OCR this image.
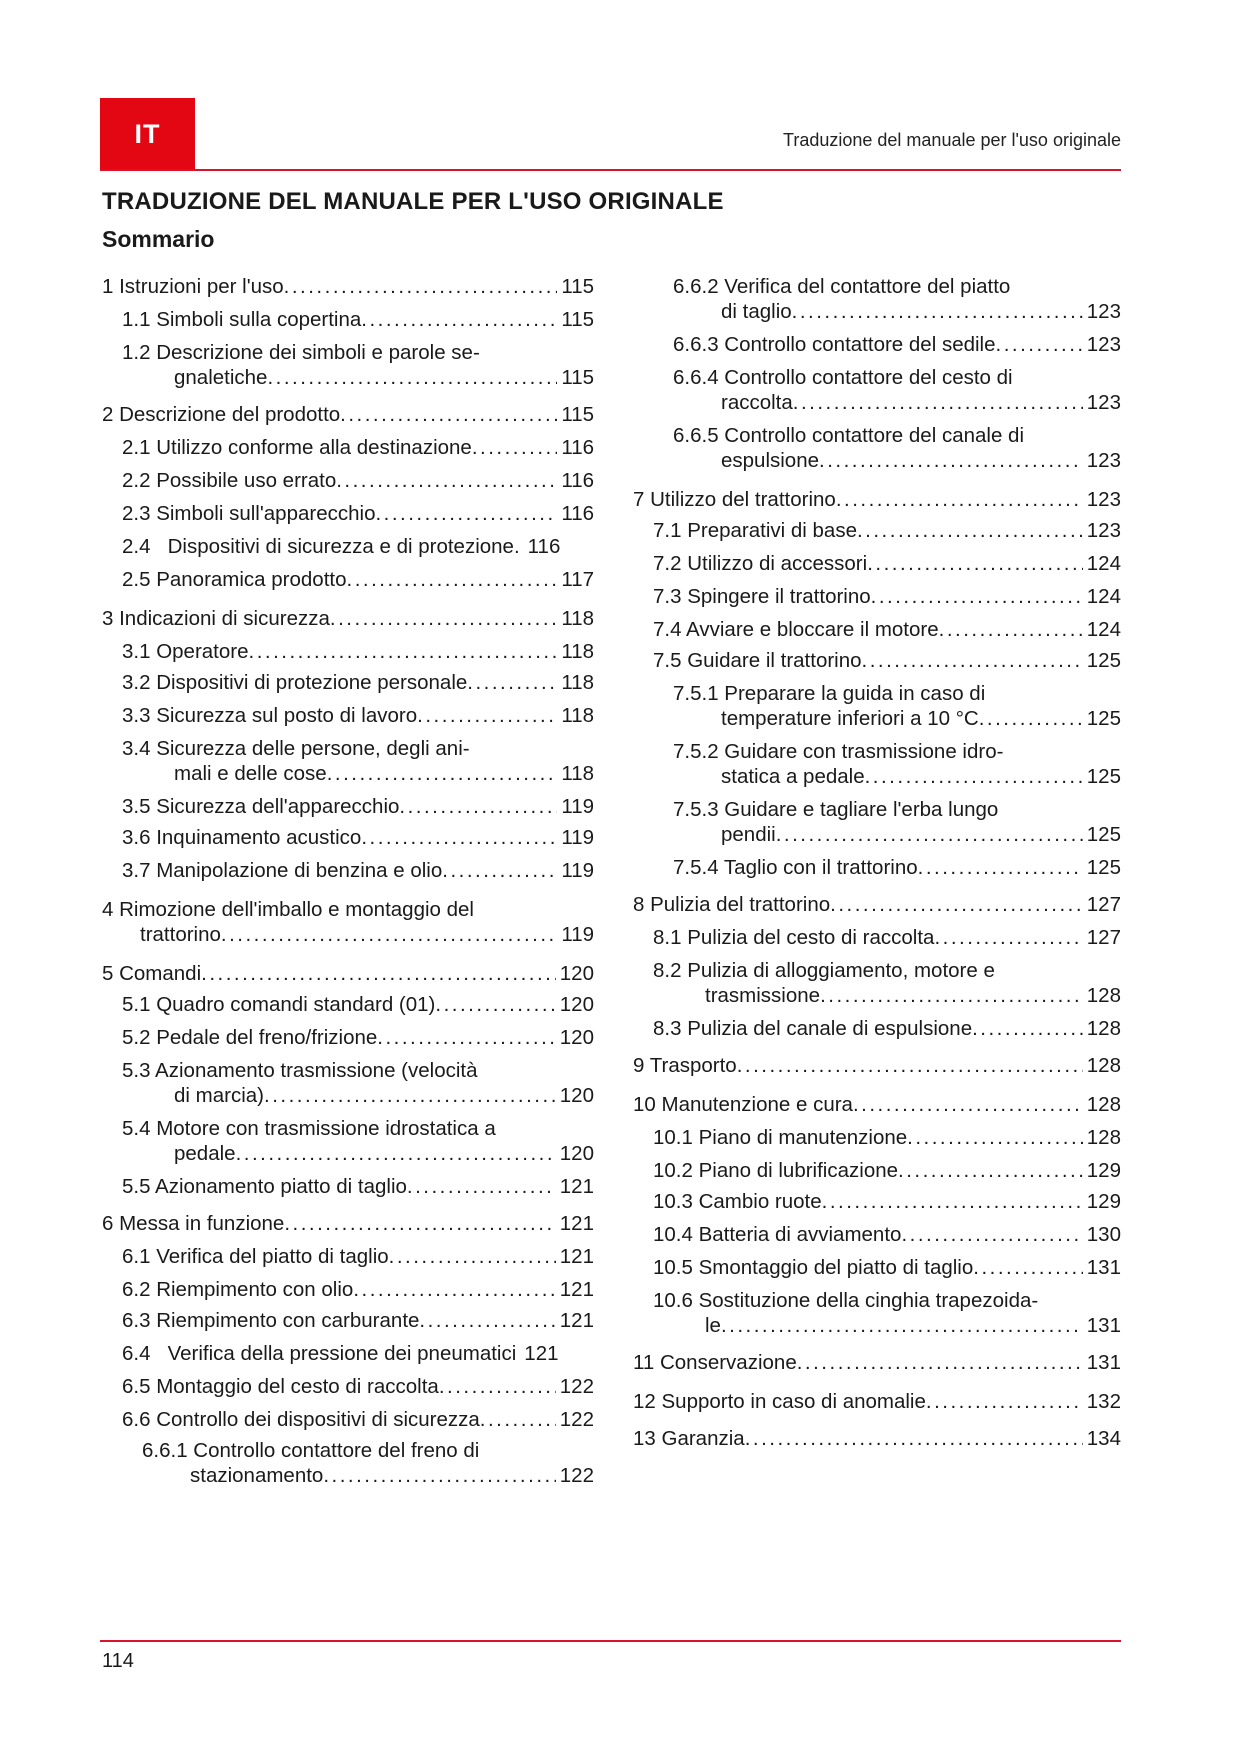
IT	Traduzione del manuale per l'uso originale
TRADUZIONE DEL MANUALE PER L'USO ORIGINALE
Sommario
1 Istruzioni per l'uso . . .	115
1.1 Simboli sulla copertina . . .	115
1.2 Descrizione dei simboli e parole se-
gnaletiche . . .	115
2 Descrizione del prodotto . . .	115
2.1 Utilizzo conforme alla destinazione . . .	116
2.2 Possibile uso errato . . .	116
2.3 Simboli sull'apparecchio . . .	116
2.4   Dispositivi di sicurezza e di protezione. 116
2.5 Panoramica prodotto . . .	117
3 Indicazioni di sicurezza . . .	118
3.1 Operatore . . .	118
3.2 Dispositivi di protezione personale . . .	118
3.3 Sicurezza sul posto di lavoro . . .	118
3.4 Sicurezza delle persone, degli ani-
mali e delle cose . . .	118
3.5 Sicurezza dell'apparecchio . . .	119
3.6 Inquinamento acustico . . .	119
3.7 Manipolazione di benzina e olio . . .	119
4 Rimozione dell'imballo e montaggio del
trattorino . . .	119
5 Comandi . . .	120
5.1 Quadro comandi standard (01) . . .	120
5.2 Pedale del freno/frizione . . .	120
5.3 Azionamento trasmissione (velocità
di marcia) . . .	120
5.4 Motore con trasmissione idrostatica a
pedale . . .	120
5.5 Azionamento piatto di taglio . . .	121
6 Messa in funzione . . .	121
6.1 Verifica del piatto di taglio . . .	121
6.2 Riempimento con olio . . .	121
6.3 Riempimento con carburante . . .	121
6.4   Verifica della pressione dei pneumatici 121
6.5 Montaggio del cesto di raccolta . . .	122
6.6 Controllo dei dispositivi di sicurezza . . .	122
6.6.1 Controllo contattore del freno di
stazionamento . . .	122
6.6.2 Verifica del contattore del piatto
di taglio . . .	123
6.6.3 Controllo contattore del sedile . . .	123
6.6.4 Controllo contattore del cesto di
raccolta . . .	123
6.6.5 Controllo contattore del canale di
espulsione . . .	123
7 Utilizzo del trattorino . . .	123
7.1 Preparativi di base . . .	123
7.2 Utilizzo di accessori . . .	124
7.3 Spingere il trattorino . . .	124
7.4 Avviare e bloccare il motore . . .	124
7.5 Guidare il trattorino . . .	125
7.5.1 Preparare la guida in caso di
temperature inferiori a 10 °C . . .	125
7.5.2 Guidare con trasmissione idro-
statica a pedale . . .	125
7.5.3 Guidare e tagliare l'erba lungo
pendii . . .	125
7.5.4 Taglio con il trattorino . . .	125
8 Pulizia del trattorino . . .	127
8.1 Pulizia del cesto di raccolta . . .	127
8.2 Pulizia di alloggiamento, motore e
trasmissione . . .	128
8.3 Pulizia del canale di espulsione . . .	128
9 Trasporto . . .	128
10 Manutenzione e cura . . .	128
10.1 Piano di manutenzione . . .	128
10.2 Piano di lubrificazione . . .	129
10.3 Cambio ruote . . .	129
10.4 Batteria di avviamento . . .	130
10.5 Smontaggio del piatto di taglio . . .	131
10.6 Sostituzione della cinghia trapezoida-
le . . .	131
11 Conservazione . . .	131
12 Supporto in caso di anomalie . . .	132
13 Garanzia . . .	134
114
